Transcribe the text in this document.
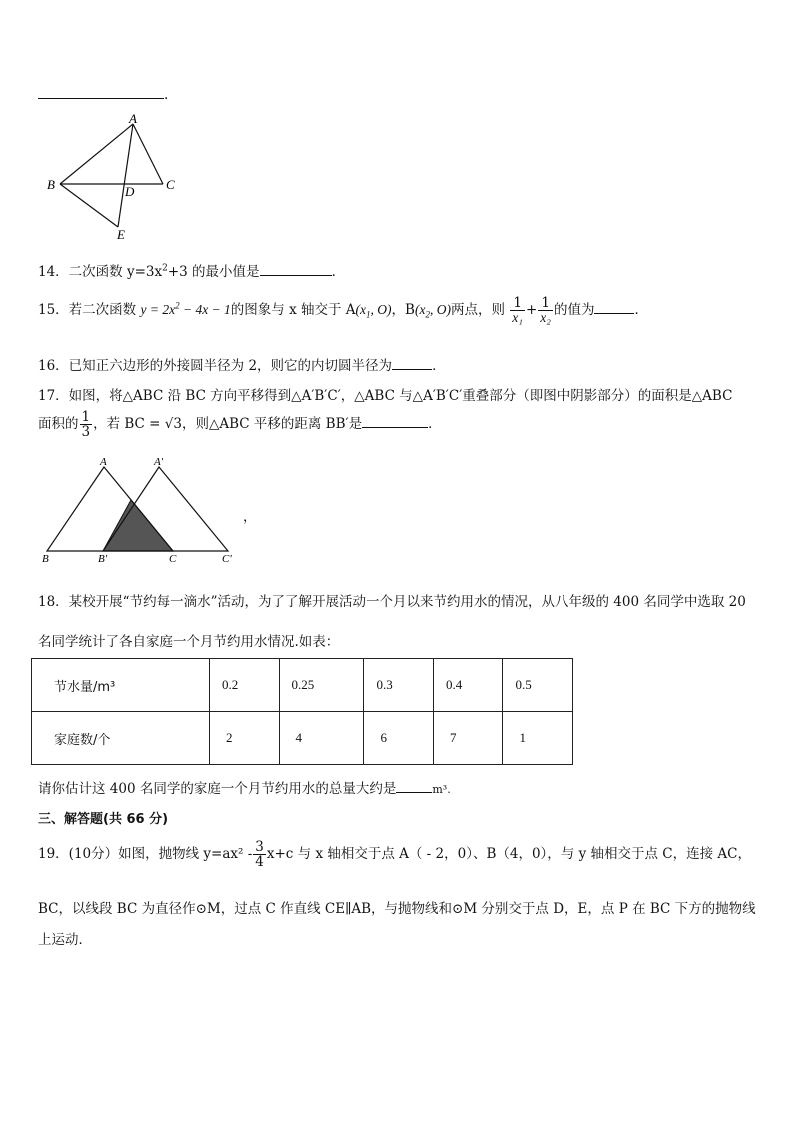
.
A
B	C
D
E
14．二次函数 $y=3x^2+3$ 的最小值是	．
15．若二次函数 $y = 2x^2 - 4x - 1$的图象与 x 轴交于 $A(x_1$, O)，$B(x_2$, O)两点，则 $\frac{1}{\text{x₁}} + \frac{1}{\text{x₂}}$ 的值为	．
16．已知正六边形的外接圆半径为 2，则它的内切圆半径为	．
17．如图，将△ABC 沿 BC 方向平移得到△A′B′C′，△ABC 与△A′B′C′重叠部分（即图中阴影部分）的面积是△ABC
面积的 $\frac{1}{3}$ ，若 BC = √3，则△ABC 平移的距离 BB′是	．
A	A'
B	B'	C	C'
，
18．某校开展“节约每一滴水”活动，为了了解开展活动一个月以来节约用水的情况，从八年级的 400 名同学中选取 20
名同学统计了各自家庭一个月节约用水情况.如表：
节水量/m³	0.2	0.25	0.3	0.4	0.5
家庭数/个	2	4	6	7	1
请你估计这 400 名同学的家庭一个月节约用水的总量大约是	m³.
三、解答题(共 66 分)
19．(10分）如图，抛物线 $y=ax^2 - \frac{3}{4} x+c$ 与 x 轴相交于点 A（ - 2，0）、B（4，0），与 y 轴相交于点 C，连接 AC，
BC，以线段 BC 为直径作⊙M，过点 C 作直线 CE∥AB，与抛物线和⊙M 分别交于点 D，E，点 P 在 BC 下方的抛物线
上运动．
